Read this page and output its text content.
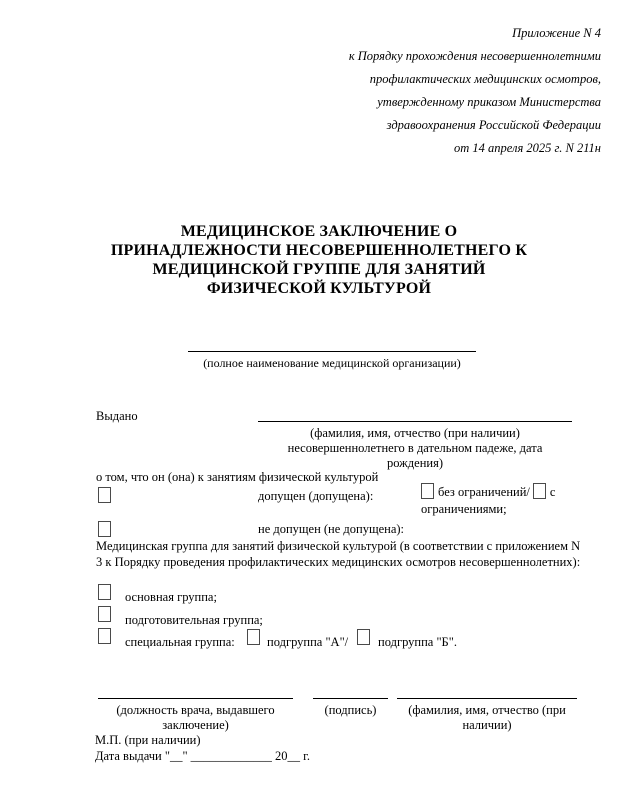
Приложение N 4
к Порядку прохождения несовершеннолетними
профилактических медицинских осмотров,
утвержденному приказом Министерства
здравоохранения Российской Федерации
от 14 апреля 2025 г. N 211н
МЕДИЦИНСКОЕ ЗАКЛЮЧЕНИЕ О
ПРИНАДЛЕЖНОСТИ НЕСОВЕРШЕННОЛЕТНЕГО К
МЕДИЦИНСКОЙ ГРУППЕ ДЛЯ ЗАНЯТИЙ
ФИЗИЧЕСКОЙ КУЛЬТУРОЙ
(полное наименование медицинской организации)
Выдано
(фамилия, имя, отчество (при наличии) несовершеннолетнего в дательном падеже, дата рождения)
о том, что он (она) к занятиям физической культурой
допущен (допущена):	без ограничений/ с ограничениями;
не допущен (не допущена):
Медицинская группа для занятий физической культурой (в соответствии с приложением N 3 к Порядку проведения профилактических медицинских осмотров несовершеннолетних):
основная группа;
подготовительная группа;
специальная группа:	подгруппа "А"/ подгруппа "Б".
(должность врача, выдавшего заключение)
(подпись)	(фамилия, имя, отчество (при наличии)
М.П. (при наличии)
Дата выдачи "__" _____________ 20__ г.
